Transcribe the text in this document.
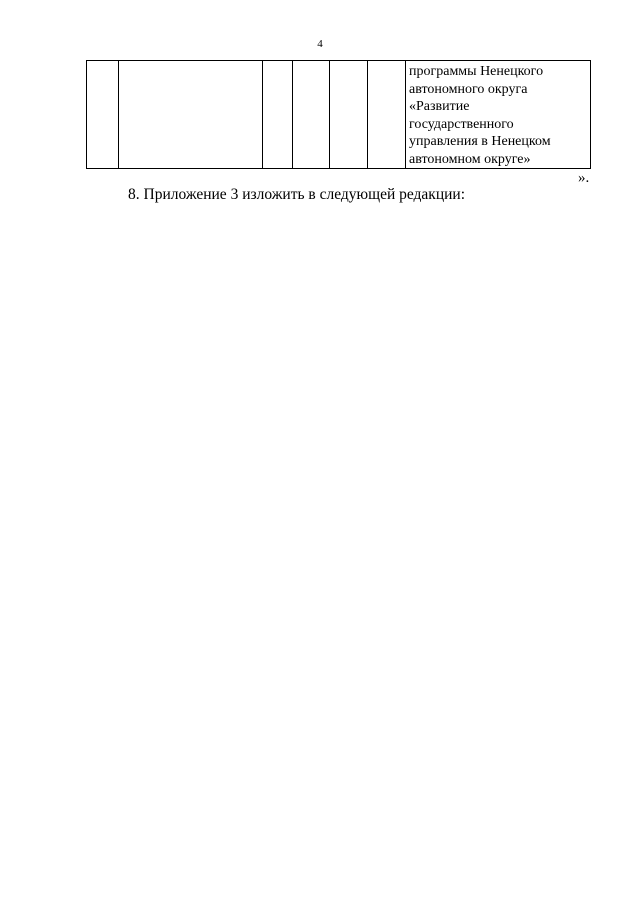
4

программы Ненецкого
автономного округа
«Развитие
государственного
управления в Ненецком
автономном округе»
».
8. Приложение 3 изложить в следующей редакции:
